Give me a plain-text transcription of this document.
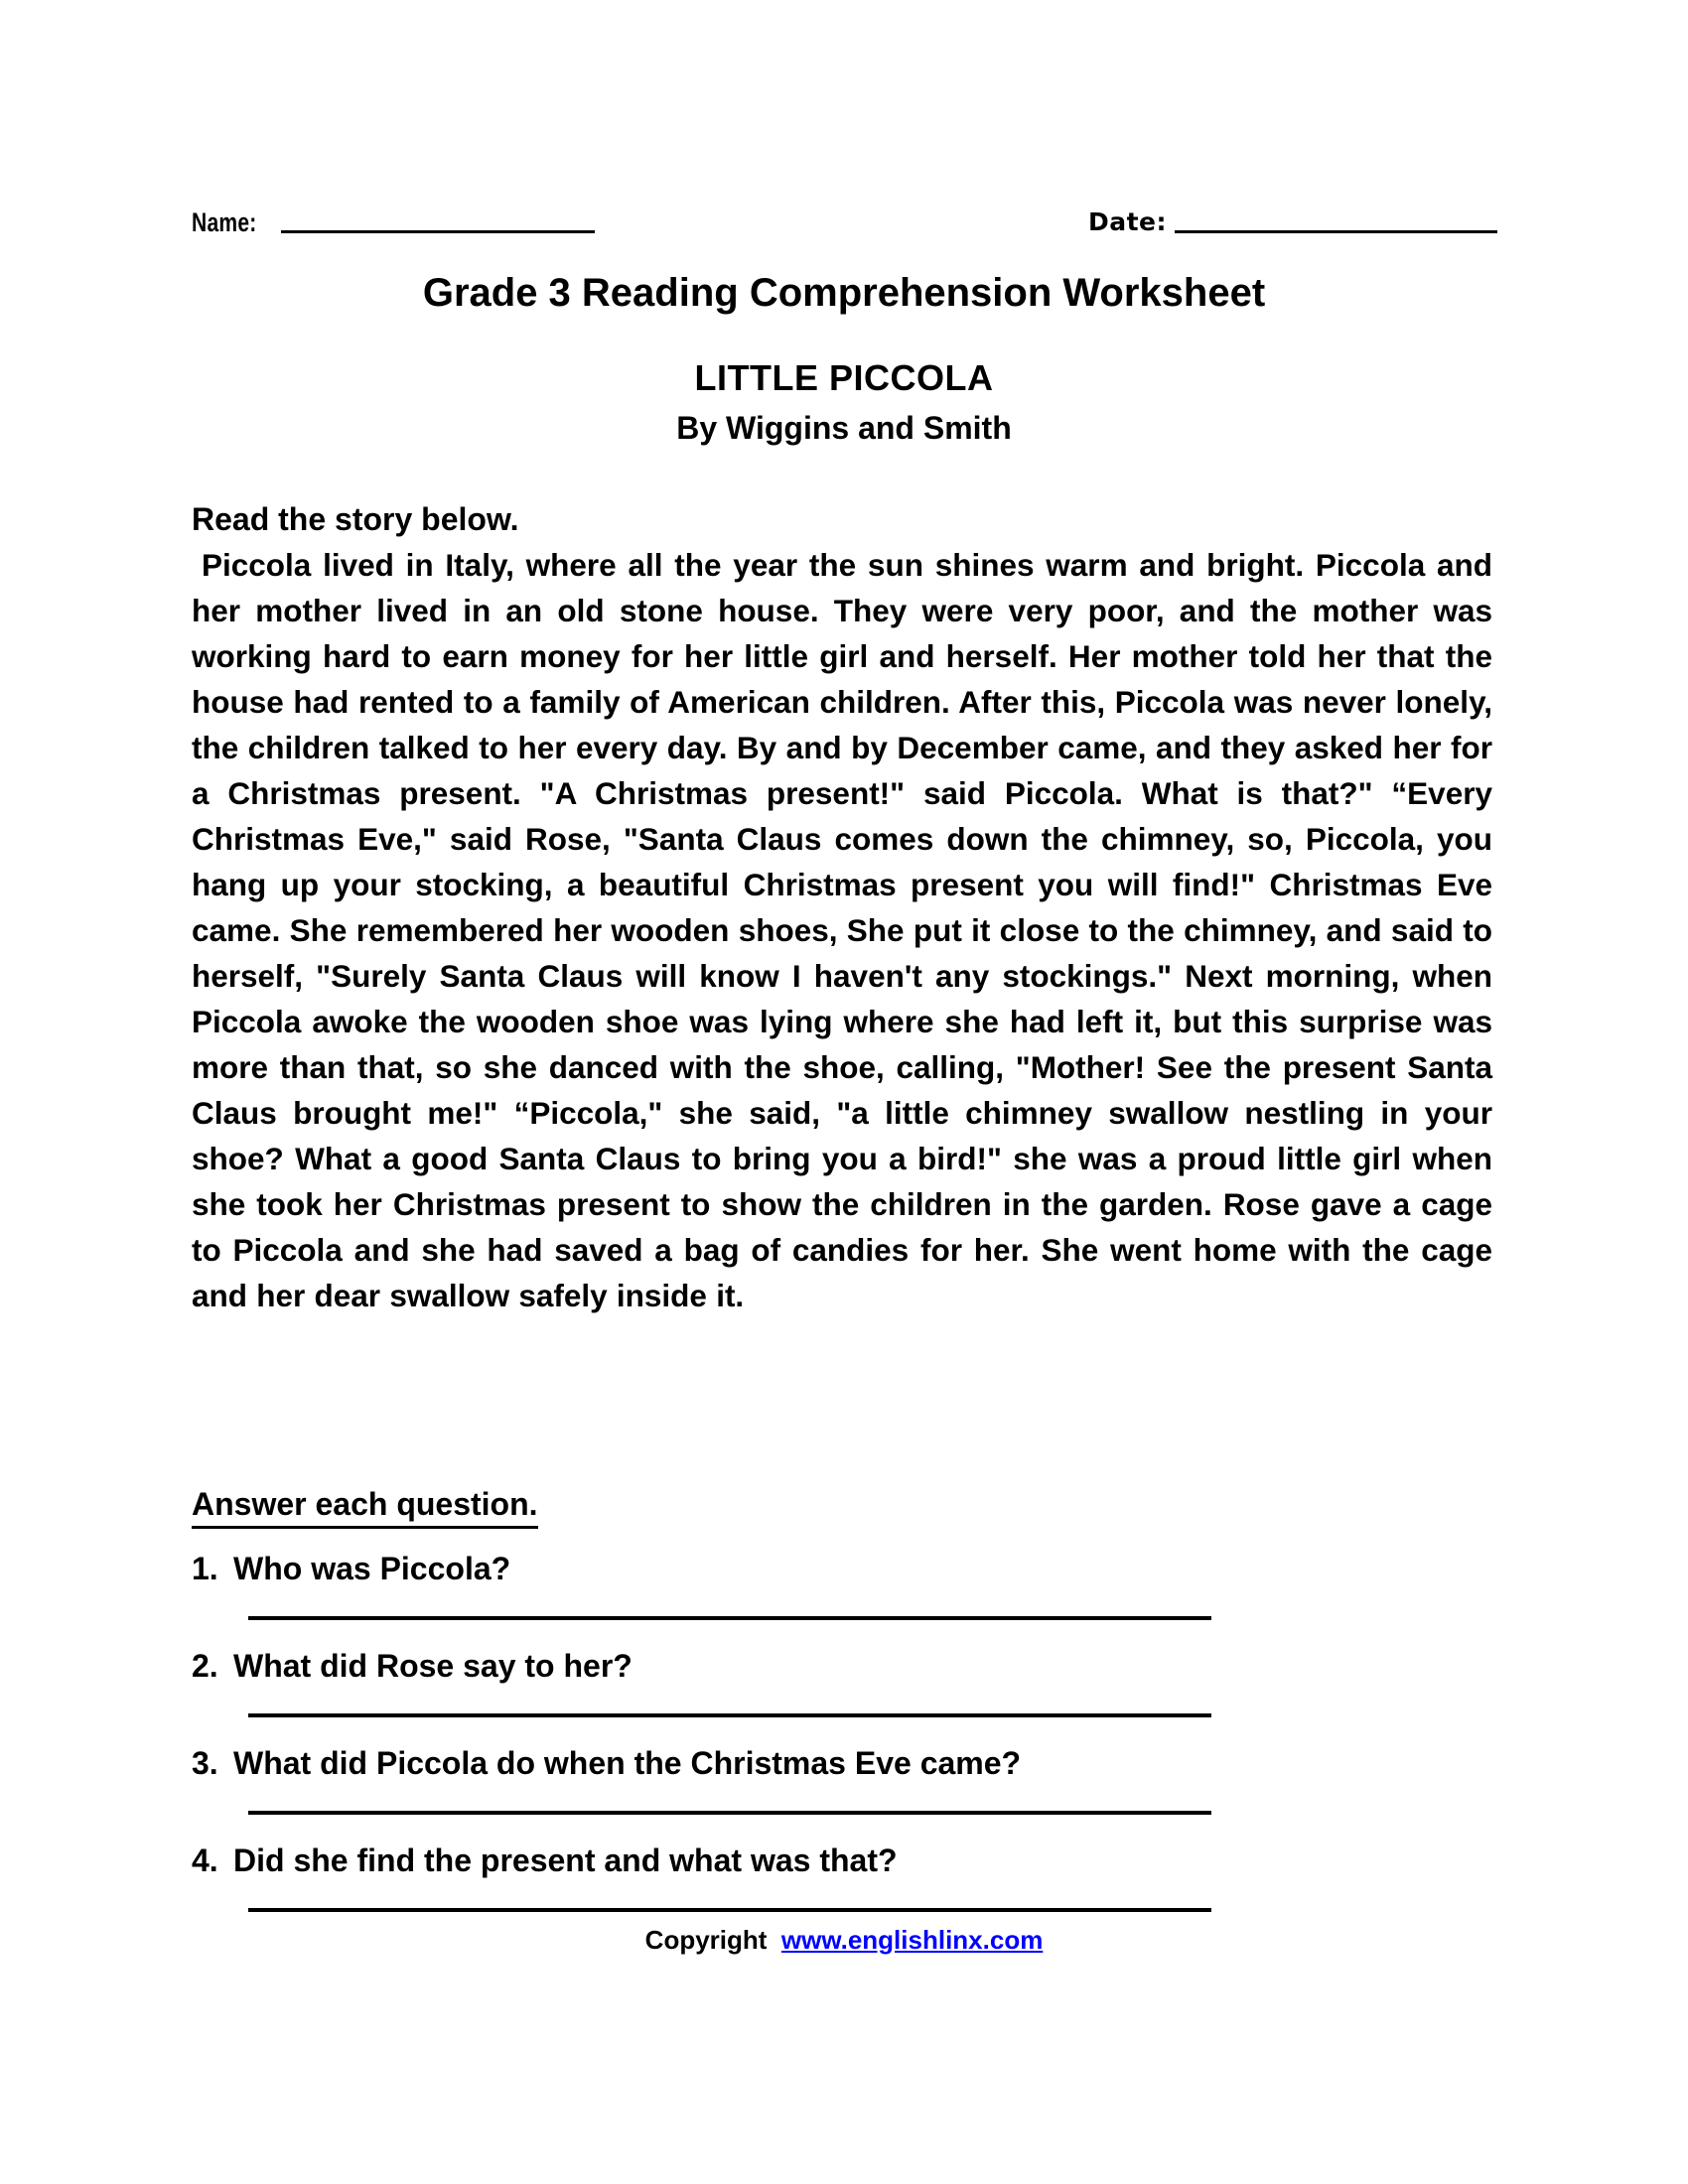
Name:	Date:
Grade 3 Reading Comprehension Worksheet
LITTLE PICCOLA
By Wiggins and Smith

Read the story below.

Piccola lived in Italy, where all the year the sun shines warm and bright. Piccola and her mother lived in an old stone house. They were very poor, and the mother was working hard to earn money for her little girl and herself. Her mother told her that the house had rented to a family of American children. After this, Piccola was never lonely, the children talked to her every day. By and by December came, and they asked her for a Christmas present. "A Christmas present!" said Piccola. What is that?" “Every Christmas Eve," said Rose, "Santa Claus comes down the chimney, so, Piccola, you hang up your stocking, a beautiful Christmas present you will find!" Christmas Eve came. She remembered her wooden shoes, She put it close to the chimney, and said to herself, "Surely Santa Claus will know I haven't any stockings." Next morning, when Piccola awoke the wooden shoe was lying where she had left it, but this surprise was more than that, so she danced with the shoe, calling, "Mother! See the present Santa Claus brought me!" “Piccola," she said, "a little chimney swallow nestling in your shoe? What a good Santa Claus to bring you a bird!" she was a proud little girl when she took her Christmas present to show the children in the garden. Rose gave a cage to Piccola and she had saved a bag of candies for her. She went home with the cage and her dear swallow safely inside it.

Answer each question.
1. Who was Piccola?
2. What did Rose say to her?
3. What did Piccola do when the Christmas Eve came?
4. Did she find the present and what was that?
Copyright www.englishlinx.com
